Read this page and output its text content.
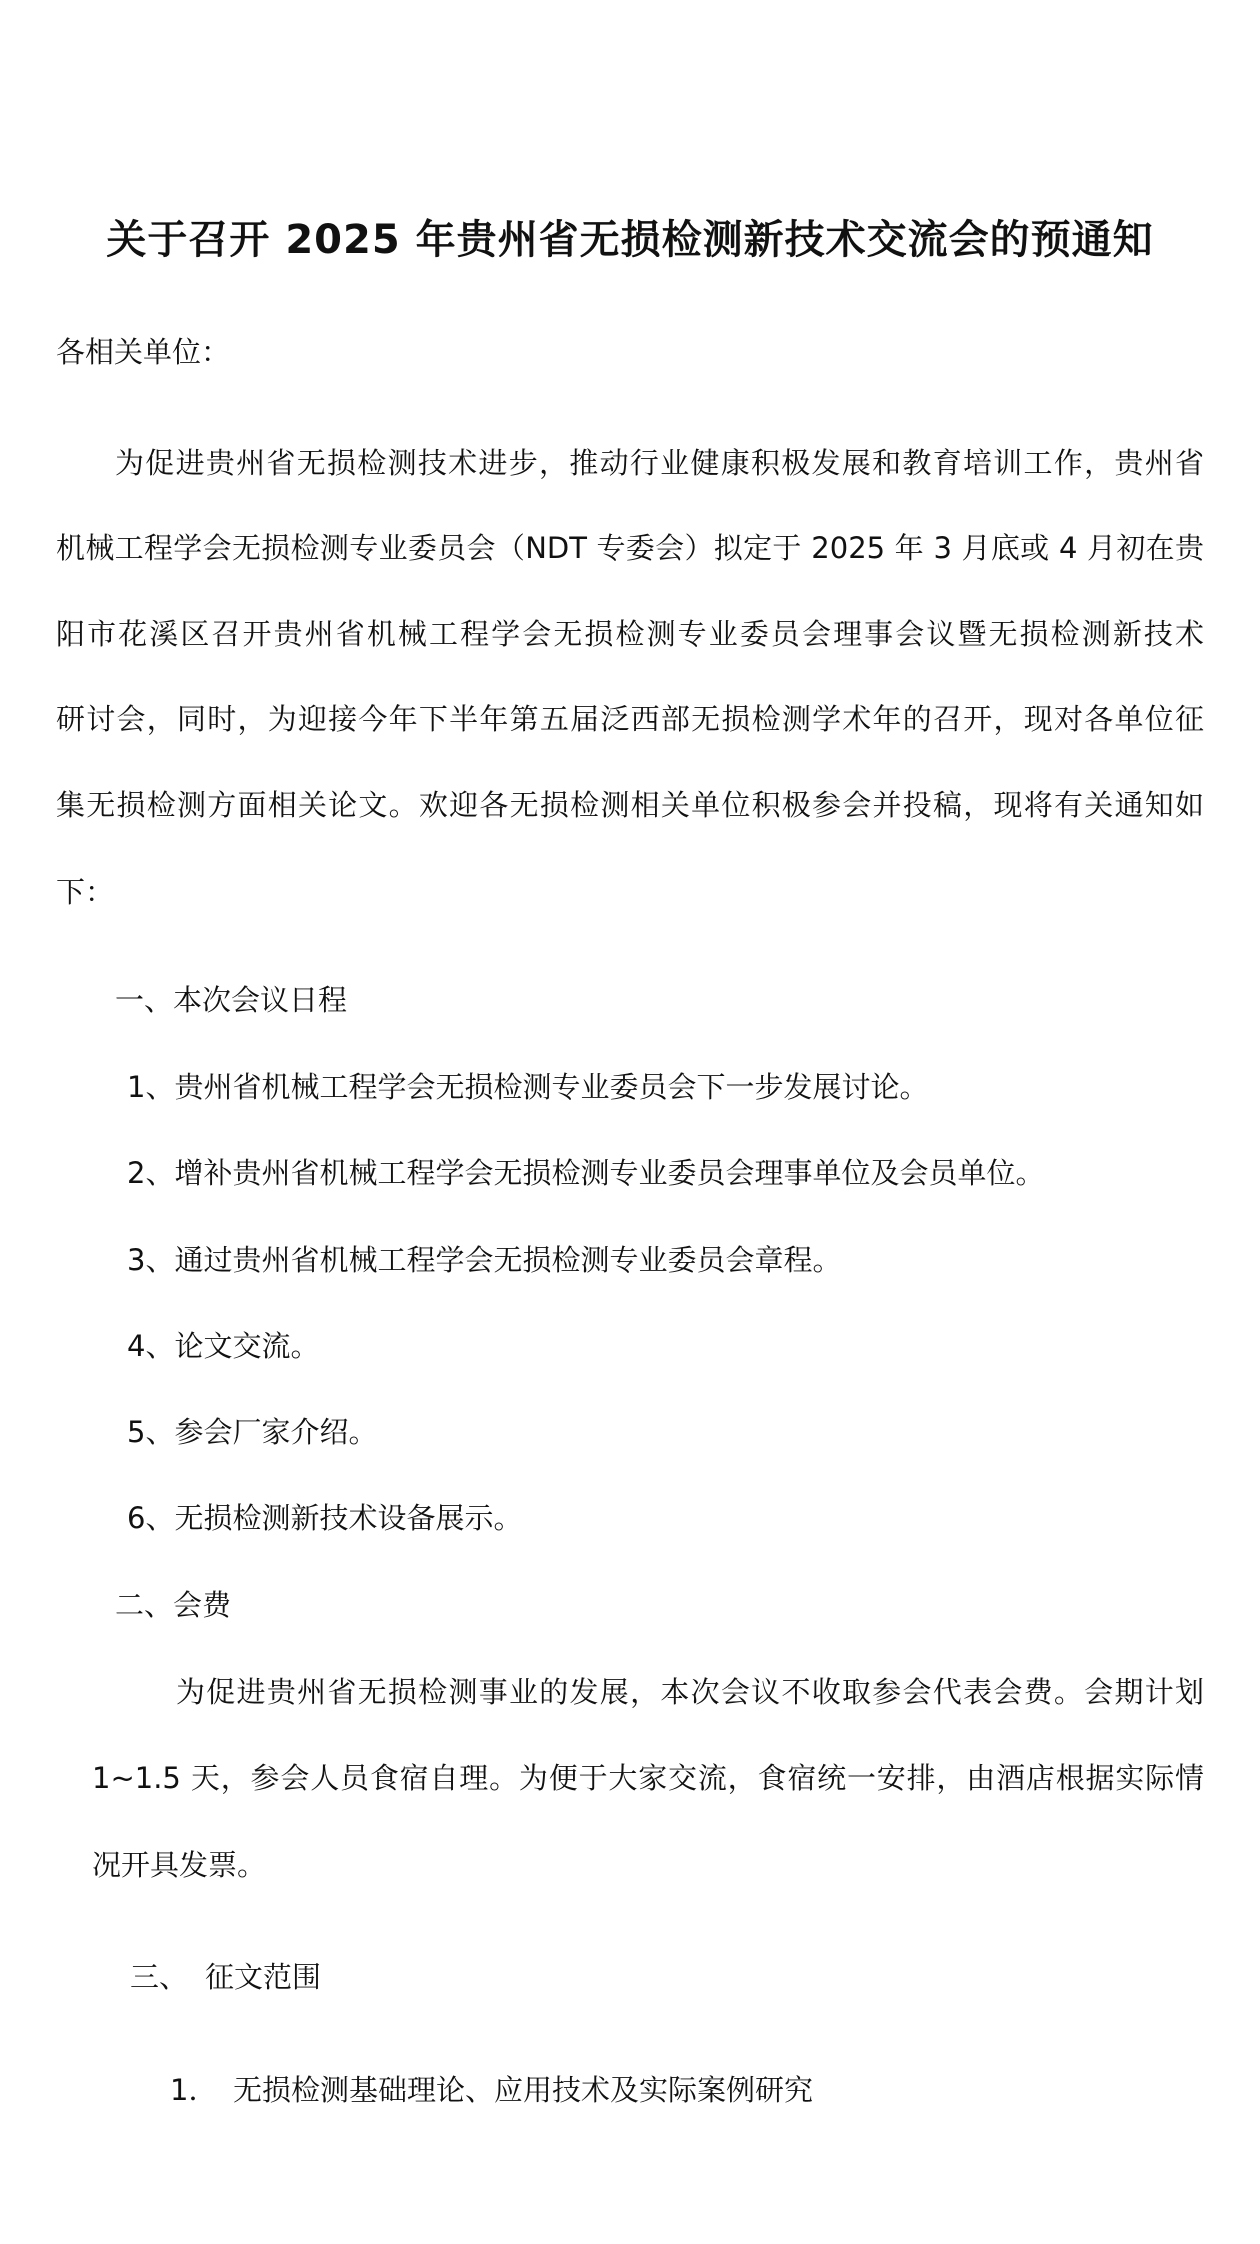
关于召开 2025 年贵州省无损检测新技术交流会的预通知
各相关单位：
为促进贵州省无损检测技术进步，推动行业健康积极发展和教育培训工作，贵州省
机械工程学会无损检测专业委员会（NDT 专委会）拟定于 2025 年 3 月底或 4 月初在贵
阳市花溪区召开贵州省机械工程学会无损检测专业委员会理事会议暨无损检测新技术
研讨会，同时，为迎接今年下半年第五届泛西部无损检测学术年的召开，现对各单位征
集无损检测方面相关论文。欢迎各无损检测相关单位积极参会并投稿，现将有关通知如
下：
一、本次会议日程
1、贵州省机械工程学会无损检测专业委员会下一步发展讨论。
2、增补贵州省机械工程学会无损检测专业委员会理事单位及会员单位。
3、通过贵州省机械工程学会无损检测专业委员会章程。
4、论文交流。
5、参会厂家介绍。
6、无损检测新技术设备展示。
二、会费
为促进贵州省无损检测事业的发展，本次会议不收取参会代表会费。会期计划
1~1.5 天，参会人员食宿自理。为便于大家交流，食宿统一安排，由酒店根据实际情
况开具发票。
三、 征文范围
1． 无损检测基础理论、应用技术及实际案例研究
